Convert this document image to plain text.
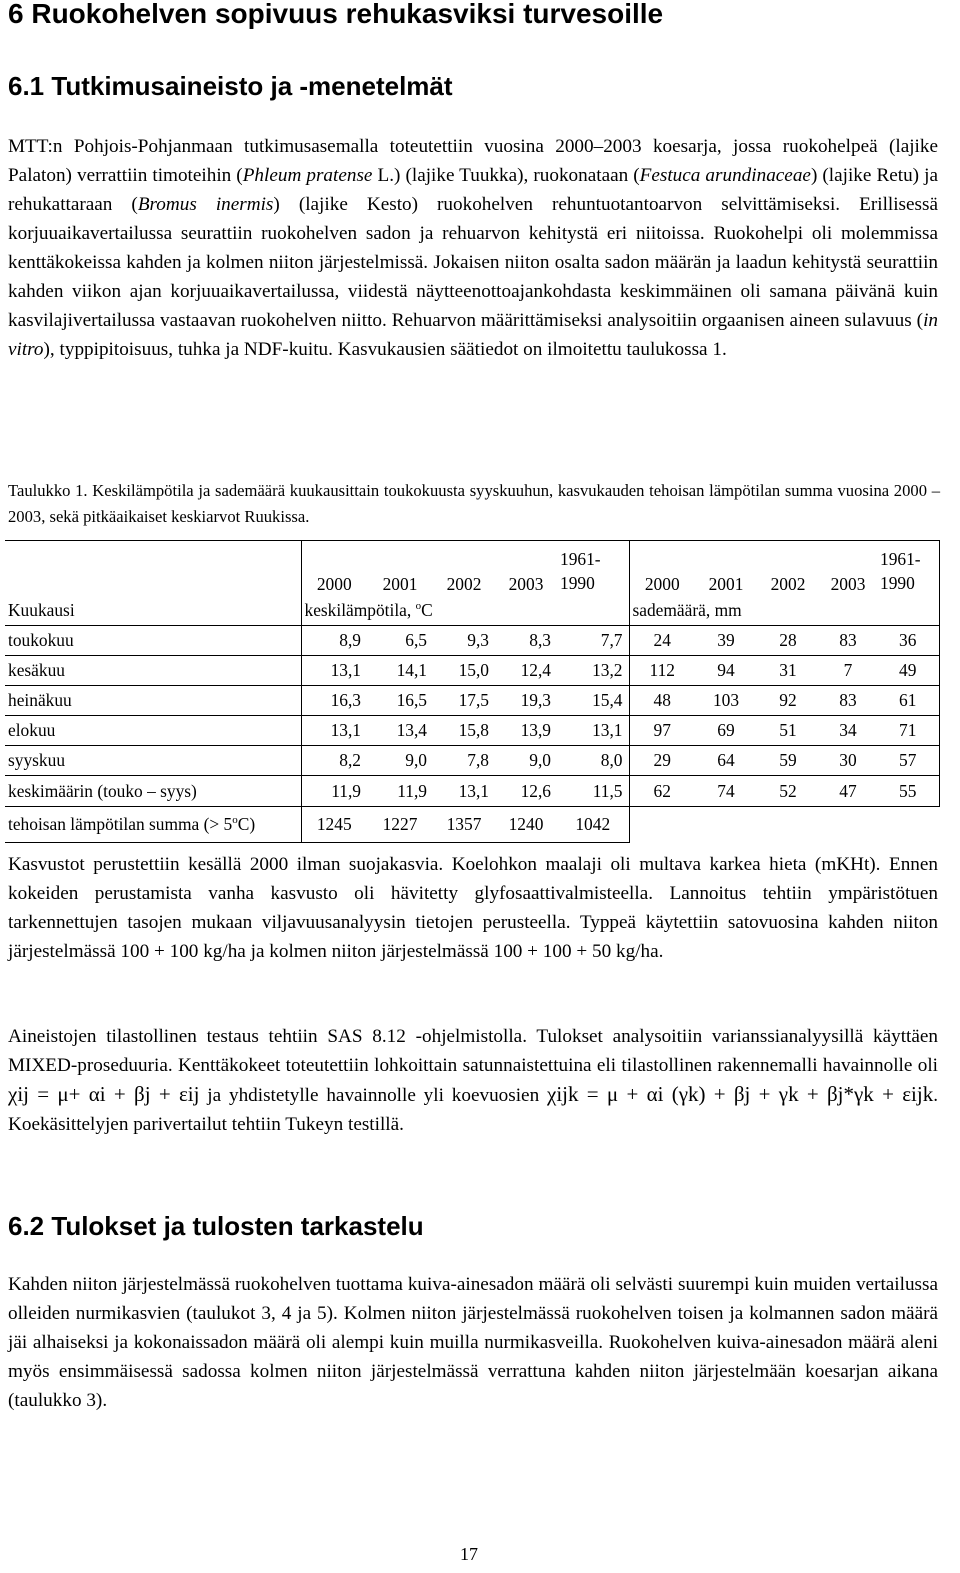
6 Ruokohelven sopivuus rehukasviksi turvesoille
6.1 Tutkimusaineisto ja -menetelmät

MTT:n Pohjois-Pohjanmaan tutkimusasemalla toteutettiin vuosina 2000–2003 koesarja, jossa ruokohelpeä (lajike Palaton) verrattiin timoteihin (Phleum pratense L.) (lajike Tuukka), ruokonataan (Festuca arundinaceae) (lajike Retu) ja rehukattaraan (Bromus inermis) (lajike Kesto) ruokohelven rehuntuotantoarvon selvittämiseksi. Erillisessä korjuuaikavertailussa seurattiin ruokohelven sadon ja rehuarvon kehitystä eri niitoissa. Ruokohelpi oli molemmissa kenttäkokeissa kahden ja kolmen niiton järjestelmissä. Jokaisen niiton osalta sadon määrän ja laadun kehitystä seurattiin kahden viikon ajan korjuuaikavertailussa, viidestä näytteenottoajankohdasta keskimmäinen oli samana päivänä kuin kasvilajivertailussa vastaavan ruokohelven niitto. Rehuarvon määrittämiseksi analysoitiin orgaanisen aineen sulavuus (in vitro), typpipitoisuus, tuhka ja NDF-kuitu. Kasvukausien säätiedot on ilmoitettu taulukossa 1.

Taulukko 1. Keskilämpötila ja sademäärä kuukausittain toukokuusta syyskuuhun, kasvukauden tehoisan lämpötilan summa vuosina 2000 – 2003, sekä pitkäaikaiset keskiarvot Ruukissa.

	2000	2001	2002	2003	1961-1990	2000	2001	2002	2003	1961-1990
Kuukausi	keskilämpötila, $^o$C					sademäärä, mm				
toukokuu	8,9	6,5	9,3	8,3	7,7	24	39	28	83	36
kesäkuu	13,1	14,1	15,0	12,4	13,2	112	94	31	7	49
heinäkuu	16,3	16,5	17,5	19,3	15,4	48	103	92	83	61
elokuu	13,1	13,4	15,8	13,9	13,1	97	69	51	34	71
syyskuu	8,2	9,0	7,8	9,0	8,0	29	64	59	30	57
keskimäärin (touko – syys)	11,9	11,9	13,1	12,6	11,5	62	74	52	47	55
tehoisan lämpötilan summa (> $5^oC$)	1245	1227	1357	1240	1042					

Kasvustot perustettiin kesällä 2000 ilman suojakasvia. Koelohkon maalaji oli multava karkea hieta (mKHt). Ennen kokeiden perustamista vanha kasvusto oli hävitetty glyfosaattivalmisteella. Lannoitus tehtiin ympäristötuen tarkennettujen tasojen mukaan viljavuusanalyysin tietojen perusteella. Typpeä käytettiin satovuosina kahden niiton järjestelmässä 100 + 100 kg/ha ja kolmen niiton järjestelmässä 100 + 100 + 50 kg/ha.

Aineistojen tilastollinen testaus tehtiin SAS 8.12 -ohjelmistolla. Tulokset analysoitiin varianssianalyysillä käyttäen MIXED-proseduuria. Kenttäkokeet toteutettiin lohkoittain satunnaistettuina eli tilastollinen rakennemalli havainnolle oli χij = μ+ αi + βj + εij ja yhdistetylle havainnolle yli koevuosien χijk = μ + αi (γk) + βj + γk + βj*γk + εijk. Koekäsittelyjen parivertailut tehtiin Tukeyn testillä.

6.2 Tulokset ja tulosten tarkastelu

Kahden niiton järjestelmässä ruokohelven tuottama kuiva-ainesadon määrä oli selvästi suurempi kuin muiden vertailussa olleiden nurmikasvien (taulukot 3, 4 ja 5). Kolmen niiton järjestelmässä ruokohelven toisen ja kolmannen sadon määrä jäi alhaiseksi ja kokonaissadon määrä oli alempi kuin muilla nurmikasveilla. Ruokohelven kuiva-ainesadon määrä aleni myös ensimmäisessä sadossa kolmen niiton järjestelmässä verrattuna kahden niiton järjestelmään koesarjan aikana (taulukko 3).

17
